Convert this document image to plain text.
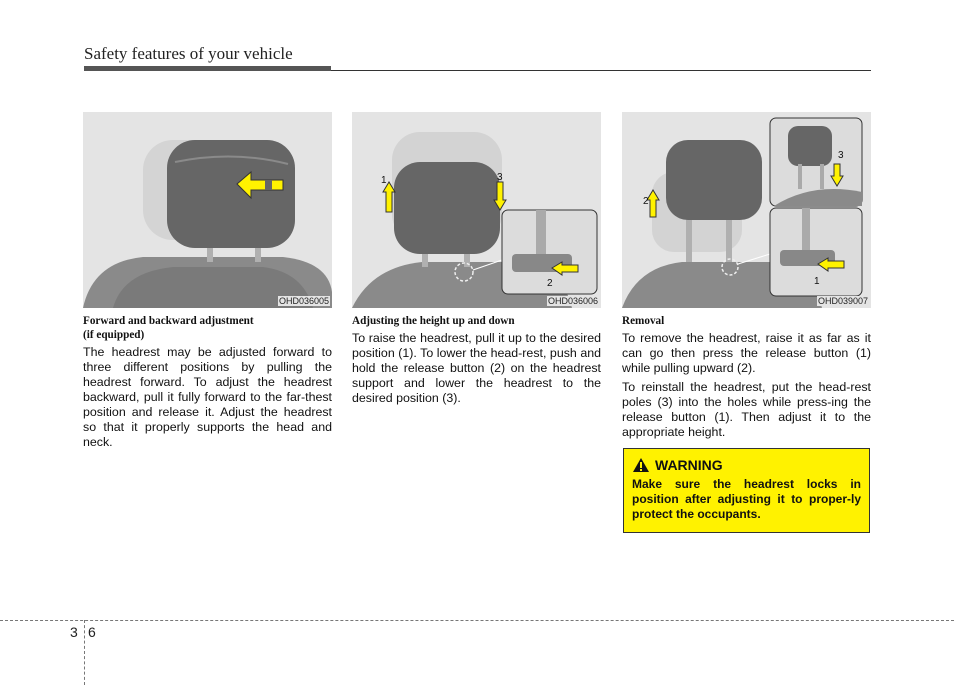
Safety features of your vehicle
OHD036005
Forward and backward adjustment
(if equipped)

The headrest may be adjusted forward to three different positions by pulling the headrest forward. To adjust the headrest backward, pull it fully forward to the far-thest position and release it. Adjust the headrest so that it properly supports the head and neck.

1
2
3
OHD036006
Adjusting the height up and down

To raise the headrest, pull it up to the desired position (1). To lower the head-rest, push and hold the release button (2) on the headrest support and lower the headrest to the desired position (3).

1
2
3
OHD039007
Removal

To remove the headrest, raise it as far as it can go then press the release button (1) while pulling upward (2).

To reinstall the headrest, put the head-rest poles (3) into the holes while press-ing the release button (1). Then adjust it to the appropriate height.

WARNING
Make sure the headrest locks in position after adjusting it to proper-ly protect the occupants.
3 6
